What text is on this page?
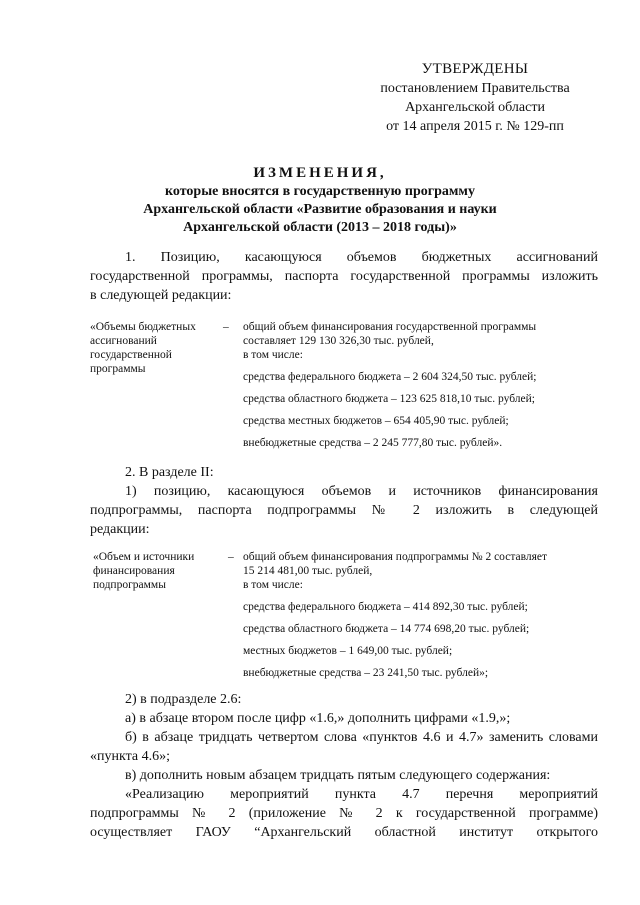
УТВЕРЖДЕНЫ
постановлением Правительства
Архангельской области
от 14 апреля 2015 г. № 129-пп
ИЗМЕНЕНИЯ,
которые вносятся в государственную программу
Архангельской области «Развитие образования и науки
Архангельской области (2013 – 2018 годы)»
1. Позицию, касающуюся объемов бюджетных ассигнований
государственной программы, паспорта государственной программы изложить
в следующей редакции:
«Объемы бюджетных ассигнований государственной программы
– общий объем финансирования государственной программы
составляет 129 130 326,30 тыс. рублей,
в том числе:
средства федерального бюджета – 2 604 324,50 тыс. рублей;
средства областного бюджета – 123 625 818,10 тыс. рублей;
средства местных бюджетов – 654 405,90 тыс. рублей;
внебюджетные средства – 2 245 777,80 тыс. рублей».
2. В разделе II:
1) позицию, касающуюся объемов и источников финансирования
подпрограммы, паспорта подпрограммы № 2 изложить в следующей
редакции:
«Объем и источники финансирования подпрограммы
– общий объем финансирования подпрограммы № 2 составляет
15 214 481,00 тыс. рублей,
в том числе:
средства федерального бюджета – 414 892,30 тыс. рублей;
средства областного бюджета – 14 774 698,20 тыс. рублей;
местных бюджетов – 1 649,00 тыс. рублей;
внебюджетные средства – 23 241,50 тыс. рублей»;
2) в подразделе 2.6:
а) в абзаце втором после цифр «1.6,» дополнить цифрами «1.9,»;
б) в абзаце тридцать четвертом слова «пунктов 4.6 и 4.7» заменить словами
«пункта 4.6»;
в) дополнить новым абзацем тридцать пятым следующего содержания:
«Реализацию мероприятий пункта 4.7 перечня мероприятий
подпрограммы № 2 (приложение № 2 к государственной программе)
осуществляет ГАОУ “Архангельский областной институт открытого
